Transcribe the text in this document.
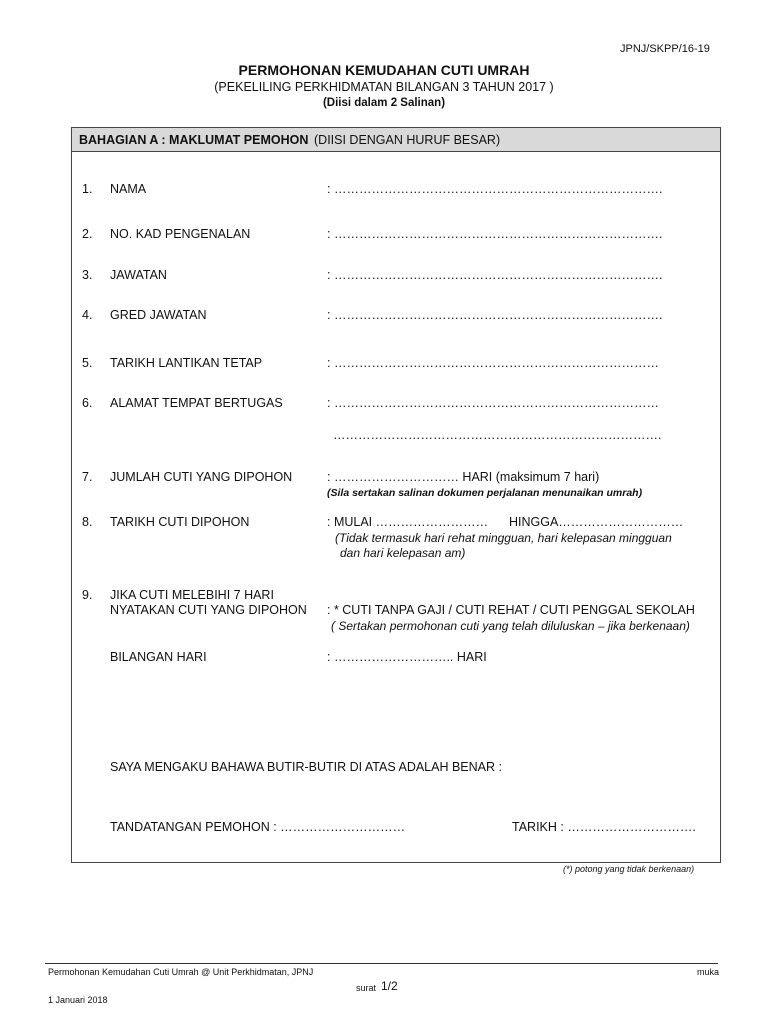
JPNJ/SKPP/16-19
PERMOHONAN KEMUDAHAN CUTI UMRAH
(PEKELILING PERKHIDMATAN BILANGAN 3 TAHUN 2017 )
(Diisi dalam 2 Salinan)
BAHAGIAN A : MAKLUMAT PEMOHON (DIISI DENGAN HURUF BESAR)
1. NAMA	: …………………………………………………………………….
2. NO. KAD PENGENALAN	: …………………………………………………………………….
3. JAWATAN	: …………………………………………………………………….
4. GRED JAWATAN	: …………………………………………………………………….
5. TARIKH LANTIKAN TETAP	: ……………………………………………………………………
6. ALAMAT TEMPAT BERTUGAS	: ……………………………………………………………………
…………………………………………………………………….
7. JUMLAH CUTI YANG DIPOHON	: ………………………… HARI (maksimum 7 hari)
(Sila sertakan salinan dokumen perjalanan menunaikan umrah)
8. TARIKH CUTI DIPOHON	: MULAI ……………………… HINGGA…………………………
(Tidak termasuk hari rehat mingguan, hari kelepasan mingguan
dan hari kelepasan am)
9. JIKA CUTI MELEBIHI 7 HARI
NYATAKAN CUTI YANG DIPOHON : * CUTI TANPA GAJI / CUTI REHAT / CUTI PENGGAL SEKOLAH
( Sertakan permohonan cuti yang telah diluluskan – jika berkenaan)
BILANGAN HARI	: ……………………….. HARI
SAYA MENGAKU BAHAWA BUTIR-BUTIR DI ATAS ADALAH BENAR :
TANDATANGAN PEMOHON : …………………………	TARIKH : ………………………….
(*) potong yang tidak berkenaan)
Permohonan Kemudahan Cuti Umrah @ Unit Perkhidmatan, JPNJ	muka
surat 1/2
1 Januari 2018
